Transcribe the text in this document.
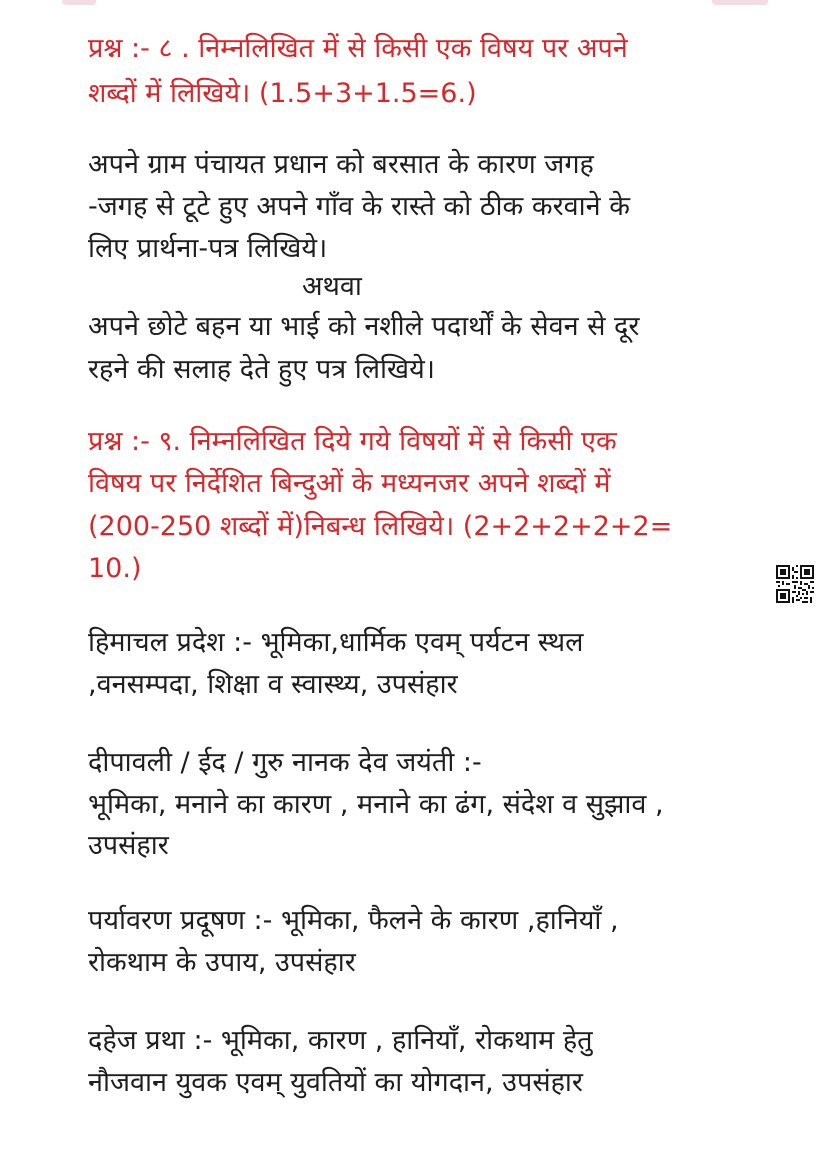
प्रश्न :- ८ . निम्नलिखित में से किसी एक विषय पर अपने
शब्दों में लिखिये। (1.5+3+1.5=6.)
अपने ग्राम पंचायत प्रधान को बरसात के कारण जगह
-जगह से टूटे हुए अपने गाँव के रास्ते को ठीक करवाने के
लिए प्रार्थना-पत्र लिखिये।
अथवा
अपने छोटे बहन या भाई को नशीले पदार्थों के सेवन से दूर
रहने की सलाह देते हुए पत्र लिखिये।
प्रश्न :- ९. निम्नलिखित दिये गये विषयों में से किसी एक
विषय पर निर्देशित बिन्दुओं के मध्यनजर अपने शब्दों में
(200-250 शब्दों में)निबन्ध लिखिये। (2+2+2+2+2=
10.)
हिमाचल प्रदेश :- भूमिका,धार्मिक एवम् पर्यटन स्थल
,वनसम्पदा, शिक्षा व स्वास्थ्य, उपसंहार
दीपावली / ईद / गुरु नानक देव जयंती :-
भूमिका, मनाने का कारण , मनाने का ढंग, संदेश व सुझाव ,
उपसंहार
पर्यावरण प्रदूषण :- भूमिका, फैलने के कारण ,हानियाँ ,
रोकथाम के उपाय, उपसंहार
दहेज प्रथा :- भूमिका, कारण , हानियाँ, रोकथाम हेतु
नौजवान युवक एवम् युवतियों का योगदान, उपसंहार
